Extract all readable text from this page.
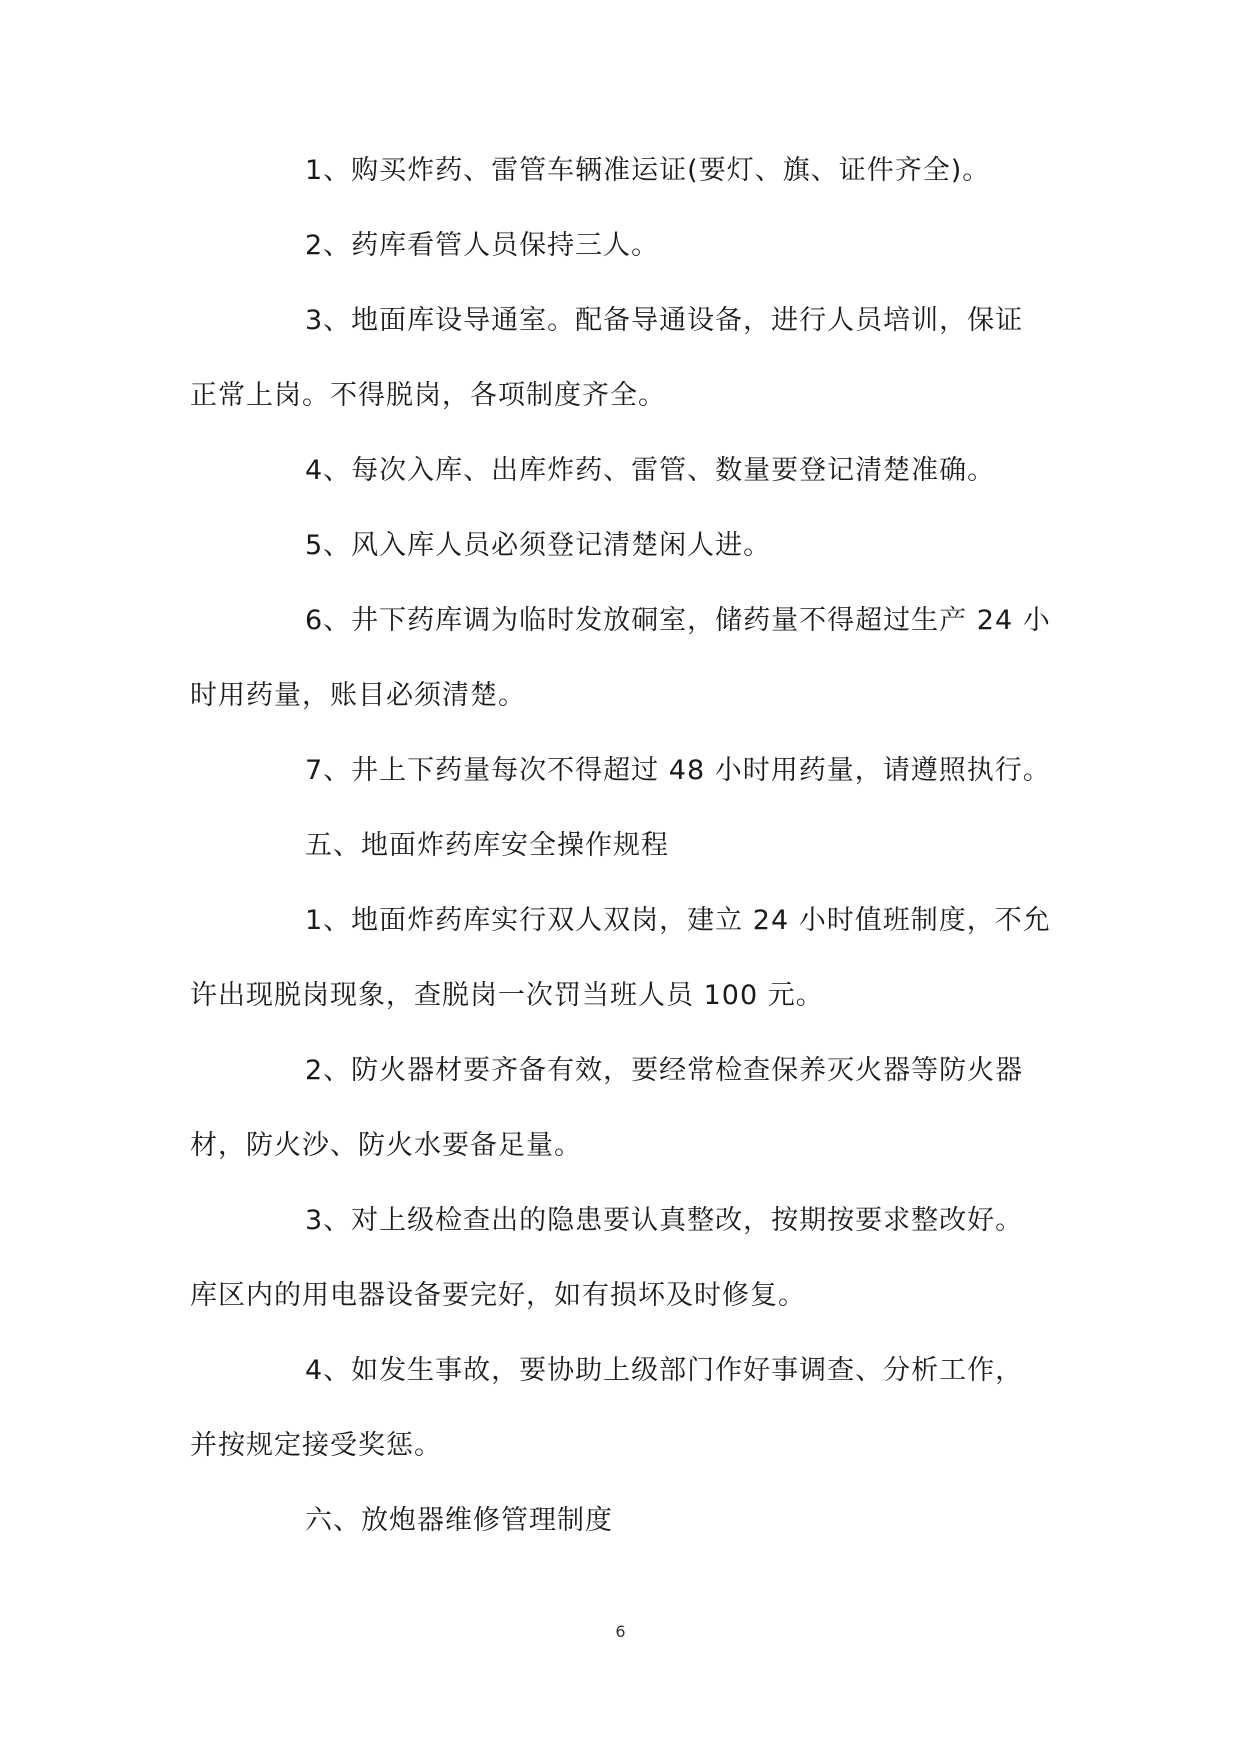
1、购买炸药、雷管车辆准运证(要灯、旗、证件齐全)。
2、药库看管人员保持三人。
3、地面库设导通室。配备导通设备，进行人员培训，保证
正常上岗。不得脱岗，各项制度齐全。
4、每次入库、出库炸药、雷管、数量要登记清楚准确。
5、风入库人员必须登记清楚闲人进。
6、井下药库调为临时发放硐室，储药量不得超过生产 24 小
时用药量，账目必须清楚。
7、井上下药量每次不得超过 48 小时用药量，请遵照执行。
五、地面炸药库安全操作规程
1、地面炸药库实行双人双岗，建立 24 小时值班制度，不允
许出现脱岗现象，查脱岗一次罚当班人员 100 元。
2、防火器材要齐备有效，要经常检查保养灭火器等防火器
材，防火沙、防火水要备足量。
3、对上级检查出的隐患要认真整改，按期按要求整改好。
库区内的用电器设备要完好，如有损坏及时修复。
4、如发生事故，要协助上级部门作好事调查、分析工作，
并按规定接受奖惩。
六、放炮器维修管理制度
6
